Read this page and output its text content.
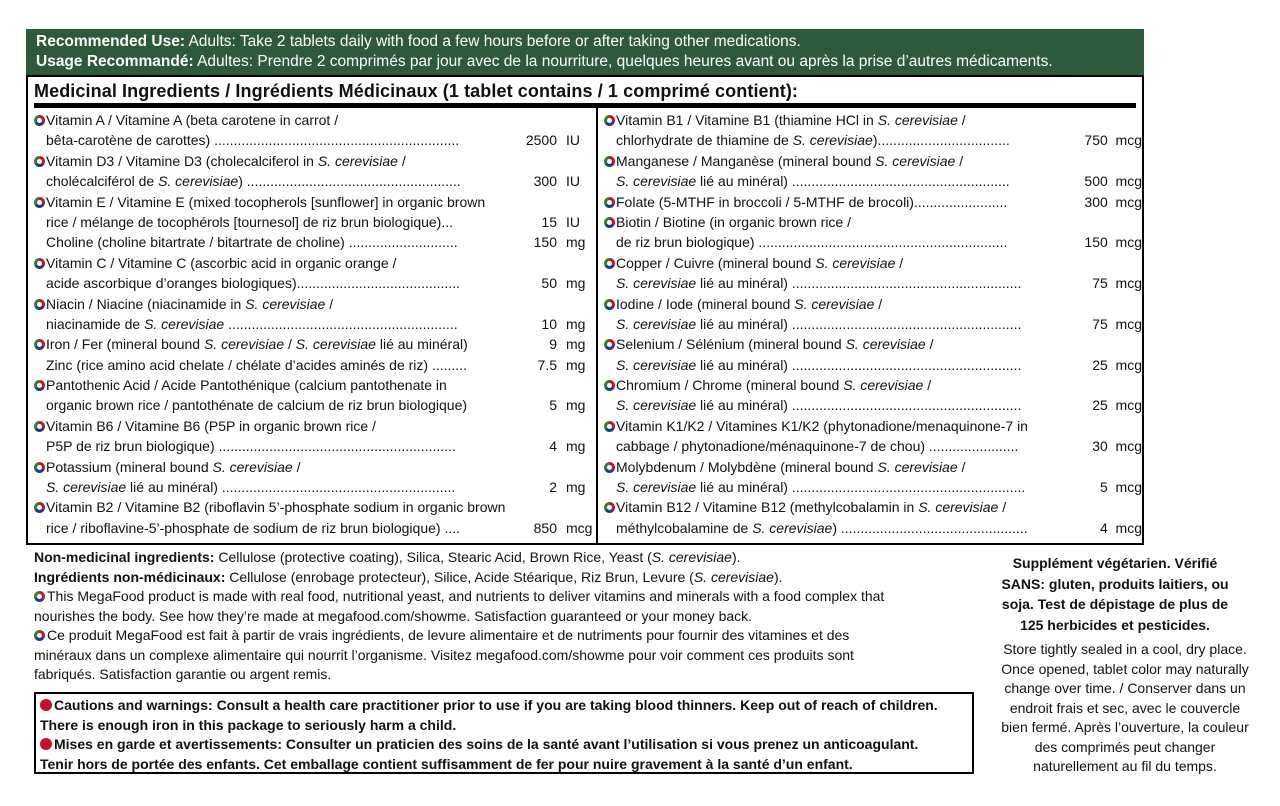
Recommended Use: Adults: Take 2 tablets daily with food a few hours before or after taking other medications.
Usage Recommandé: Adultes: Prendre 2 comprimés par jour avec de la nourriture, quelques heures avant ou après la prise d’autres médicaments.
Medicinal Ingredients / Ingrédients Médicinaux (1 tablet contains / 1 comprimé contient):
Vitamin A / Vitamine A (beta carotene in carrot /
bêta-carotène de carottes) ...............................................................	2500 IU
Vitamin D3 / Vitamine D3 (cholecalciferol in S. cerevisiae /
cholécalciférol de S. cerevisiae) .......................................................	300 IU
Vitamin E / Vitamine E (mixed tocopherols [sunflower] in organic brown
rice / mélange de tocophérols [tournesol] de riz brun biologique)...	15 IU
Choline (choline bitartrate / bitartrate de choline) ............................	150 mg
Vitamin C / Vitamine C (ascorbic acid in organic orange /
acide ascorbique d’oranges biologiques)..........................................	50 mg
Niacin / Niacine (niacinamide in S. cerevisiae /
niacinamide de S. cerevisiae ...........................................................	10 mg
Iron / Fer (mineral bound S. cerevisiae / S. cerevisiae lié au minéral)	9 mg
Zinc (rice amino acid chelate / chélate d’acides aminés de riz) .........	7.5 mg
Pantothenic Acid / Acide Pantothénique (calcium pantothenate in
organic brown rice / pantothénate de calcium de riz brun biologique)	5 mg
Vitamin B6 / Vitamine B6 (P5P in organic brown rice /
P5P de riz brun biologique) .............................................................	4 mg
Potassium (mineral bound S. cerevisiae /
S. cerevisiae lié au minéral) ............................................................	2 mg
Vitamin B2 / Vitamine B2 (riboflavin 5’-phosphate sodium in organic brown
rice / riboflavine-5’-phosphate de sodium de riz brun biologique) ....	850 mcg
Vitamin B1 / Vitamine B1 (thiamine HCl in S. cerevisiae /
chlorhydrate de thiamine de S. cerevisiae)..................................	750  mcg
Manganese / Manganèse (mineral bound S. cerevisiae /
S. cerevisiae lié au minéral) ........................................................	500  mcg
Folate (5-MTHF in broccoli / 5-MTHF de brocoli)........................	300  mcg
Biotin / Biotine (in organic brown rice /
de riz brun biologique) ................................................................	150  mcg
Copper / Cuivre (mineral bound S. cerevisiae /
S. cerevisiae lié au minéral) ...........................................................	75  mcg
Iodine / Iode (mineral bound S. cerevisiae /
S. cerevisiae lié au minéral) ...........................................................	75  mcg
Selenium / Sélénium (mineral bound S. cerevisiae /
S. cerevisiae lié au minéral) ...........................................................	25  mcg
Chromium / Chrome (mineral bound S. cerevisiae /
S. cerevisiae lié au minéral) ...........................................................	25  mcg
Vitamin K1/K2 / Vitamines K1/K2 (phytonadione/menaquinone-7 in
cabbage / phytonadione/ménaquinone-7 de chou) .......................	30  mcg
Molybdenum / Molybdène (mineral bound S. cerevisiae /
S. cerevisiae lié au minéral) ............................................................	5  mcg
Vitamin B12 / Vitamine B12 (methylcobalamin in S. cerevisiae /
méthylcobalamine de S. cerevisiae) ................................................	4  mcg
Non-medicinal ingredients: Cellulose (protective coating), Silica, Stearic Acid, Brown Rice, Yeast (S. cerevisiae).
Ingrédients non-médicinaux: Cellulose (enrobage protecteur), Silice, Acide Stéarique, Riz Brun, Levure (S. cerevisiae).
This MegaFood product is made with real food, nutritional yeast, and nutrients to deliver vitamins and minerals with a food complex that
nourishes the body. See how they’re made at megafood.com/showme. Satisfaction guaranteed or your money back.
Ce produit MegaFood est fait à partir de vrais ingrédients, de levure alimentaire et de nutriments pour fournir des vitamines et des
minéraux dans un complexe alimentaire qui nourrit l’organisme. Visitez megafood.com/showme pour voir comment ces produits sont
fabriqués. Satisfaction garantie ou argent remis.
Cautions and warnings: Consult a health care practitioner prior to use if you are taking blood thinners. Keep out of reach of children.
There is enough iron in this package to seriously harm a child.
Mises en garde et avertissements: Consulter un praticien des soins de la santé avant l’utilisation si vous prenez un anticoagulant.
Tenir hors de portée des enfants. Cet emballage contient suffisamment de fer pour nuire gravement à la santé d’un enfant.
Supplément végétarien. Vérifié
SANS: gluten, produits laitiers, ou
soja. Test de dépistage de plus de
125 herbicides et pesticides.
Store tightly sealed in a cool, dry place.
Once opened, tablet color may naturally
change over time. / Conserver dans un
endroit frais et sec, avec le couvercle
bien fermé. Après l’ouverture, la couleur
des comprimés peut changer
naturellement au fil du temps.
